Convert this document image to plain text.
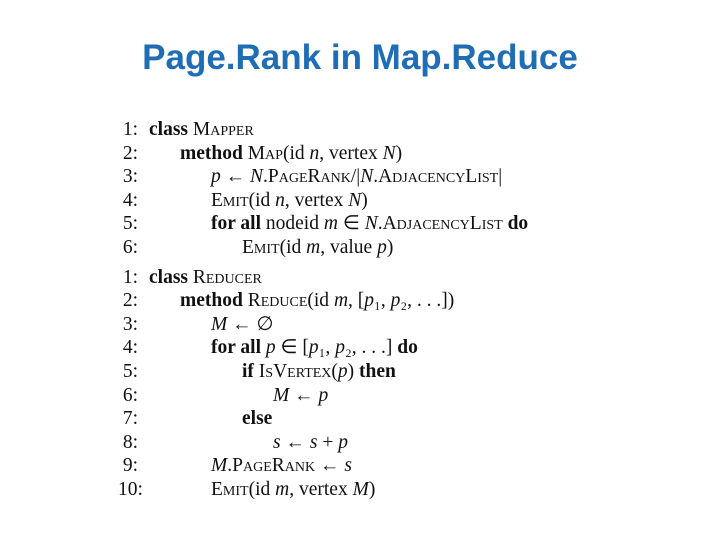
Page.Rank in Map.Reduce
1: class Mapper
2: method Map(id n, vertex N)
3:	p ← N.PageRank/|N.AdjacencyList|
4:	Emit(id n, vertex N)
5:	for all nodeid m ∈ N.AdjacencyList do
6:	Emit(id m, value p)
1: class Reducer
2: method Reduce(id m, [p₁, p₂, . . .])
3:	M ← ∅
4:	for all p ∈ [p₁, p₂, . . .] do
5:	if IsVertex(p) then
6:	M ← p
7:	else
8:	s ← s + p
9:	M.PageRank ← s
10:	Emit(id m, vertex M)
